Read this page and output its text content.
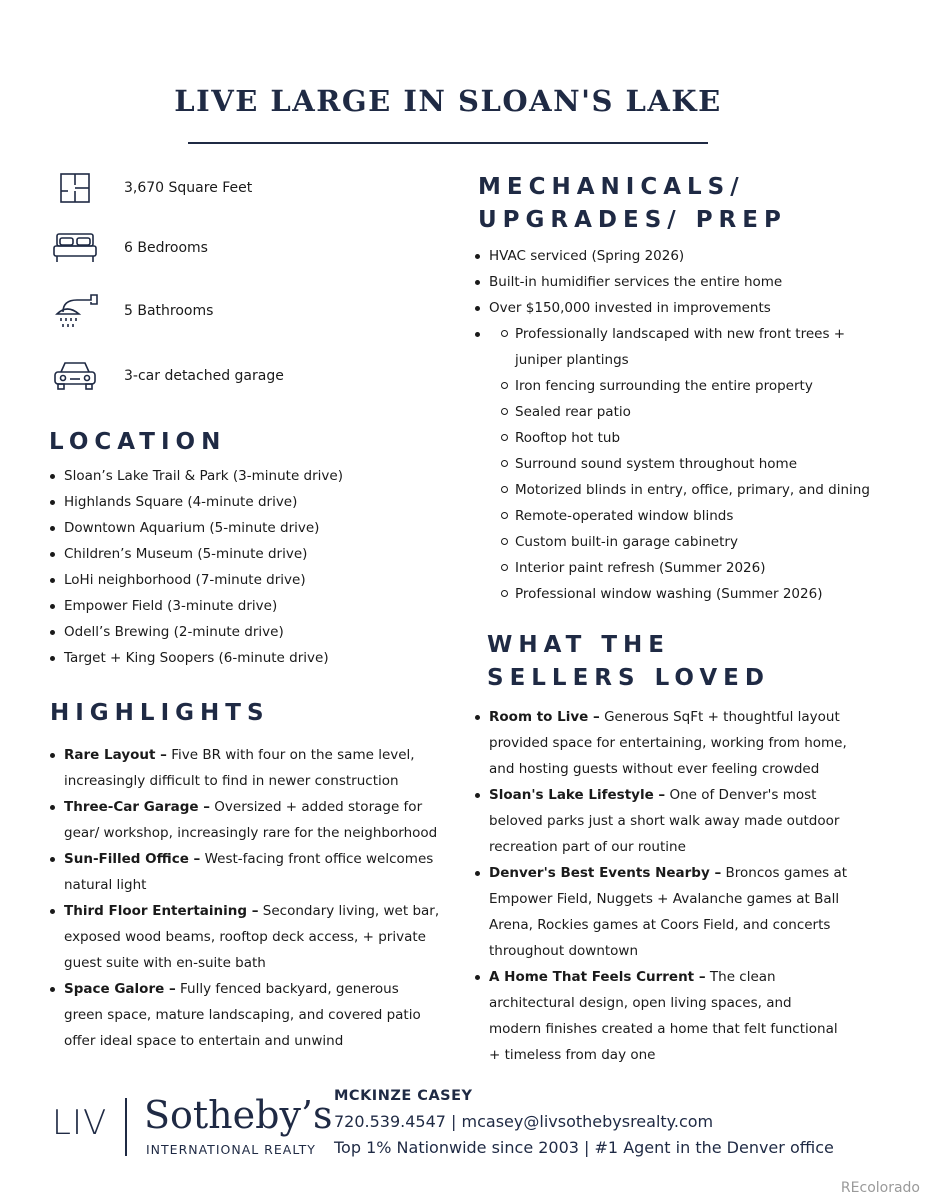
LIVE LARGE IN SLOAN'S LAKE
3,670 Square Feet
6 Bedrooms
5 Bathrooms
3-car detached garage
LOCATION
Sloan’s Lake Trail & Park (3-minute drive)
Highlands Square (4-minute drive)
Downtown Aquarium (5-minute drive)
Children’s Museum (5-minute drive)
LoHi neighborhood (7-minute drive)
Empower Field (3-minute drive)
Odell’s Brewing (2-minute drive)
Target + King Soopers (6-minute drive)
HIGHLIGHTS
Rare Layout – Five BR with four on the same level,
increasingly difficult to find in newer construction
Three-Car Garage – Oversized + added storage for
gear/ workshop, increasingly rare for the neighborhood
Sun-Filled Office – West-facing front office welcomes
natural light
Third Floor Entertaining – Secondary living, wet bar,
exposed wood beams, rooftop deck access, + private
guest suite with en-suite bath
Space Galore – Fully fenced backyard, generous
green space, mature landscaping, and covered patio
offer ideal space to entertain and unwind
MECHANICALS/
UPGRADES/ PREP
HVAC serviced (Spring 2026)
Built-in humidifier services the entire home
Over $150,000 invested in improvements
Professionally landscaped with new front trees +
juniper plantings
Iron fencing surrounding the entire property
Sealed rear patio
Rooftop hot tub
Surround sound system throughout home
Motorized blinds in entry, office, primary, and dining
Remote-operated window blinds
Custom built-in garage cabinetry
Interior paint refresh (Summer 2026)
Professional window washing (Summer 2026)
WHAT THE
SELLERS LOVED
Room to Live – Generous SqFt + thoughtful layout
provided space for entertaining, working from home,
and hosting guests without ever feeling crowded
Sloan's Lake Lifestyle – One of Denver's most
beloved parks just a short walk away made outdoor
recreation part of our routine
Denver's Best Events Nearby – Broncos games at
Empower Field, Nuggets + Avalanche games at Ball
Arena, Rockies games at Coors Field, and concerts
throughout downtown
A Home That Feels Current – The clean
architectural design, open living spaces, and
modern finishes created a home that felt functional
+ timeless from day one
LIV Sotheby’s
INTERNATIONAL REALTY
MCKINZE CASEY
720.539.4547 | mcasey@livsothebysrealty.com
Top 1% Nationwide since 2003 | #1 Agent in the Denver office
REcolorado
